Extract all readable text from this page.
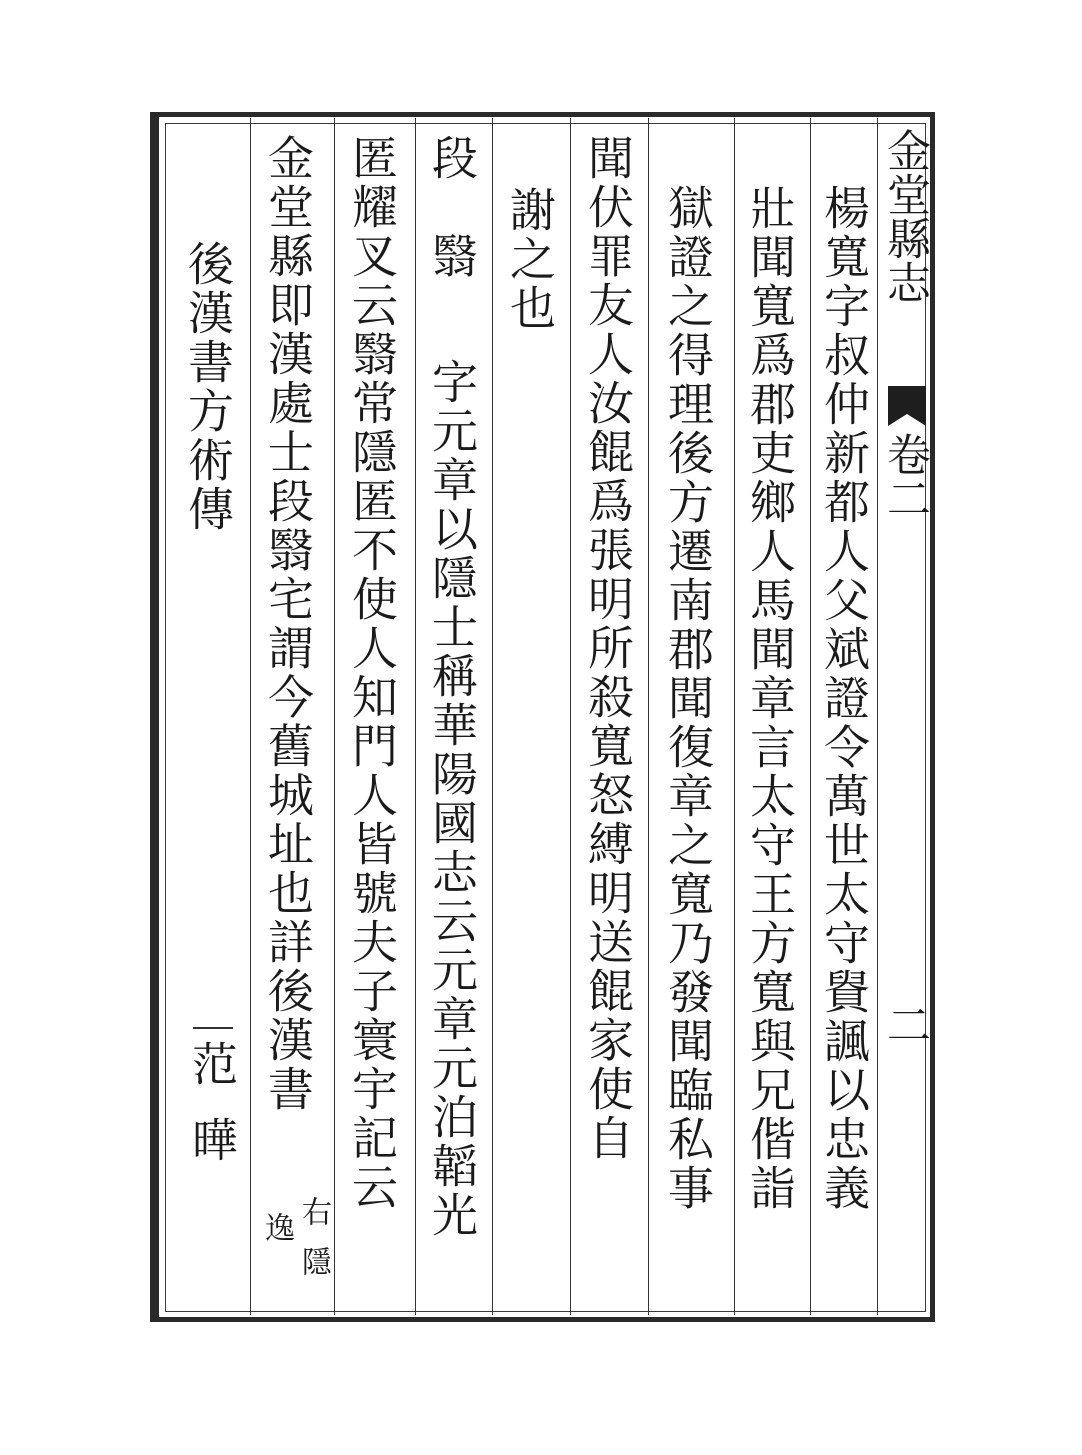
金堂縣志
卷二
二
楊寬字叔仲新都人父斌證令萬世太守䝿諷以忠義
壯聞寬爲郡吏鄉人馬聞章言太守王方寬與兄偕詣
獄證之得理後方遷南郡聞復章之寬乃發聞臨私事
聞伏罪友人汝餛爲張明所殺寬怒縛明送餛家使自
謝之也
段　翳
字元章以隱士稱華陽國志云元章元泊韜光
匿耀叉云翳常隱匿不使人知門人皆號夫子寰宇記云
金堂縣即漢處士段翳宅謂今舊城址也詳後漢書
右
隱
逸
後漢書方術傳
范曄
